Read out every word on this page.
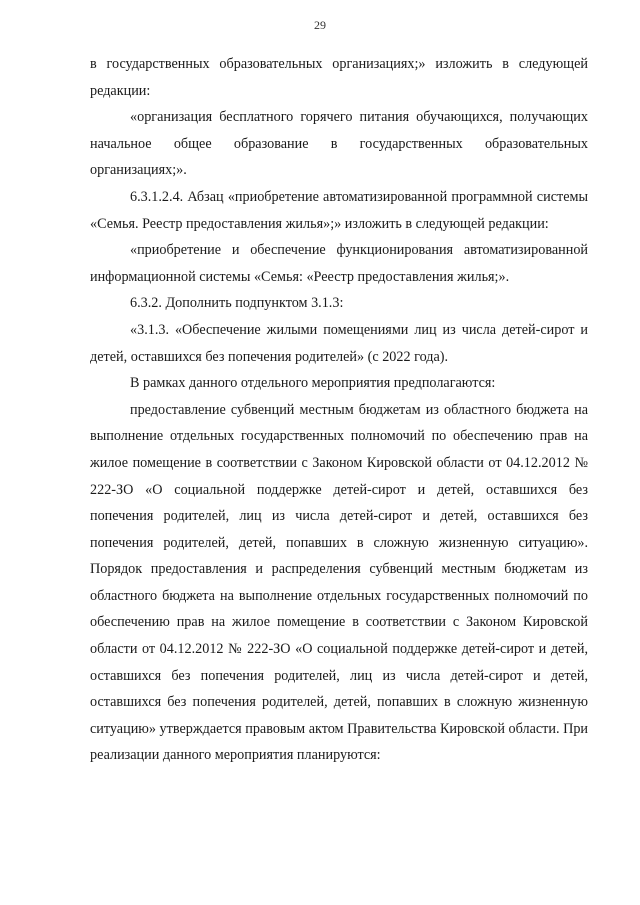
29

в государственных образовательных организациях;» изложить в следующей редакции:

«организация бесплатного горячего питания обучающихся, получающих начальное общее образование в государственных образовательных организациях;».

6.3.1.2.4. Абзац «приобретение автоматизированной программной системы «Семья. Реестр предоставления жилья»;» изложить в следующей редакции:

«приобретение и обеспечение функционирования автоматизированной информационной системы «Семья: «Реестр предоставления жилья;».

6.3.2. Дополнить подпунктом 3.1.3:

«3.1.3. «Обеспечение жилыми помещениями лиц из числа детей-сирот и детей, оставшихся без попечения родителей» (с 2022 года).

В рамках данного отдельного мероприятия предполагаются:

предоставление субвенций местным бюджетам из областного бюджета на выполнение отдельных государственных полномочий по обеспечению прав на жилое помещение в соответствии с Законом Кировской области от 04.12.2012 № 222-ЗО «О социальной поддержке детей-сирот и детей, оставшихся без попечения родителей, лиц из числа детей-сирот и детей, оставшихся без попечения родителей, детей, попавших в сложную жизненную ситуацию». Порядок предоставления и распределения субвенций местным бюджетам из областного бюджета на выполнение отдельных государственных полномочий по обеспечению прав на жилое помещение в соответствии с Законом Кировской области от 04.12.2012 № 222-ЗО «О социальной поддержке детей-сирот и детей, оставшихся без попечения родителей, лиц из числа детей-сирот и детей, оставшихся без попечения родителей, детей, попавших в сложную жизненную ситуацию» утверждается правовым актом Правительства Кировской области. При реализации данного мероприятия планируются:
